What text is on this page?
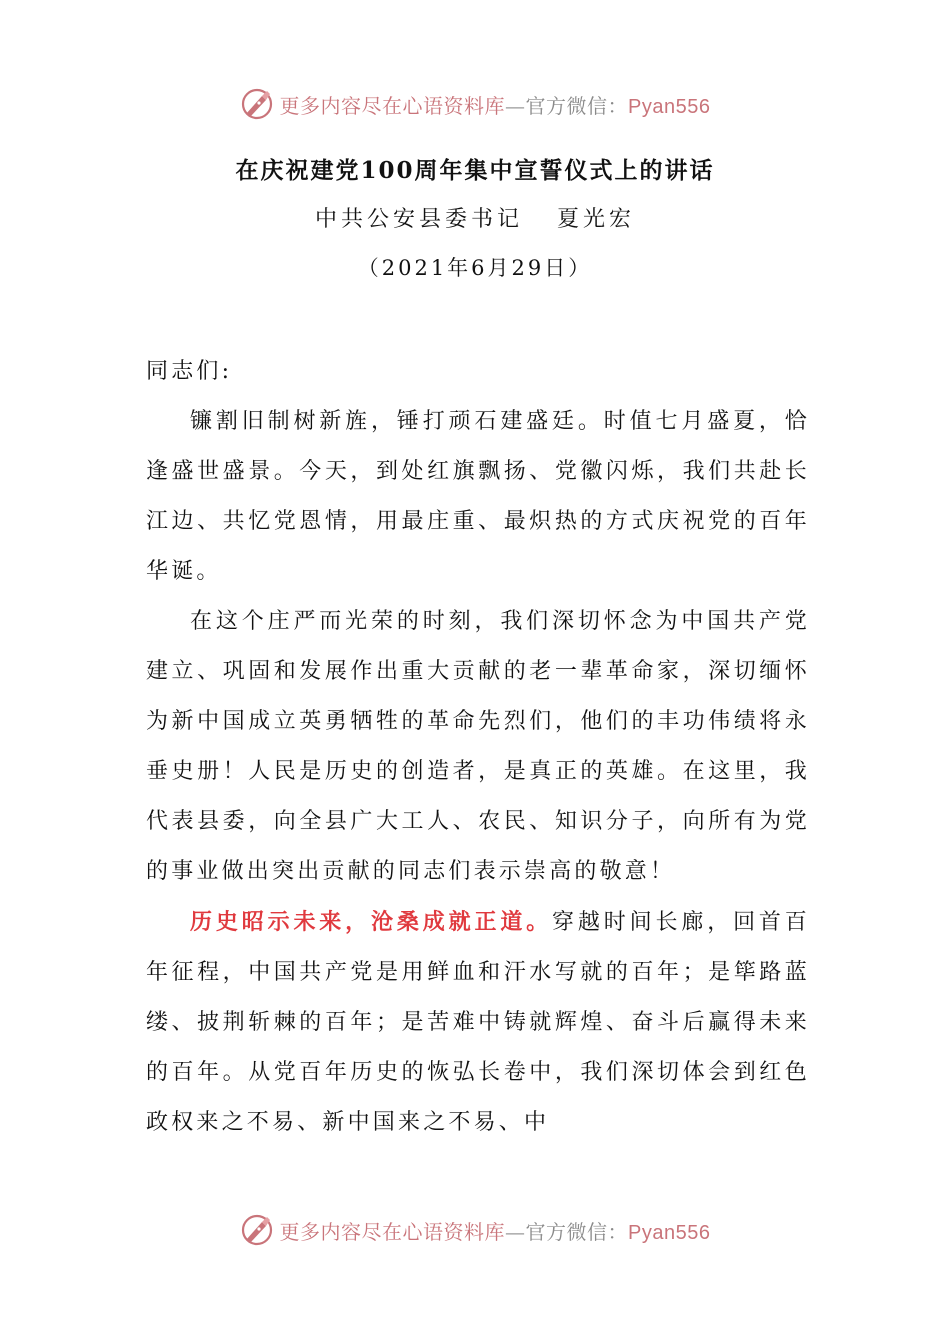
更多内容尽在心语资料库—官方微信：Pyan556
在庆祝建党100周年集中宣誓仪式上的讲话
中共公安县委书记 夏光宏
（2021年6月29日）

同志们:

镰割旧制树新旌，锤打顽石建盛廷。时值七月盛夏，恰逢盛世盛景。今天，到处红旗飘扬、党徽闪烁，我们共赴长江边、共忆党恩情，用最庄重、最炽热的方式庆祝党的百年华诞。

在这个庄严而光荣的时刻，我们深切怀念为中国共产党建立、巩固和发展作出重大贡献的老一辈革命家，深切缅怀为新中国成立英勇牺牲的革命先烈们，他们的丰功伟绩将永垂史册！人民是历史的创造者，是真正的英雄。在这里，我代表县委，向全县广大工人、农民、知识分子，向所有为党的事业做出突出贡献的同志们表示崇高的敬意！

历史昭示未来，沧桑成就正道。穿越时间长廊，回首百年征程，中国共产党是用鲜血和汗水写就的百年；是筚路蓝缕、披荆斩棘的百年；是苦难中铸就辉煌、奋斗后赢得未来的百年。从党百年历史的恢弘长卷中，我们深切体会到红色政权来之不易、新中国来之不易、中

更多内容尽在心语资料库—官方微信：Pyan556
